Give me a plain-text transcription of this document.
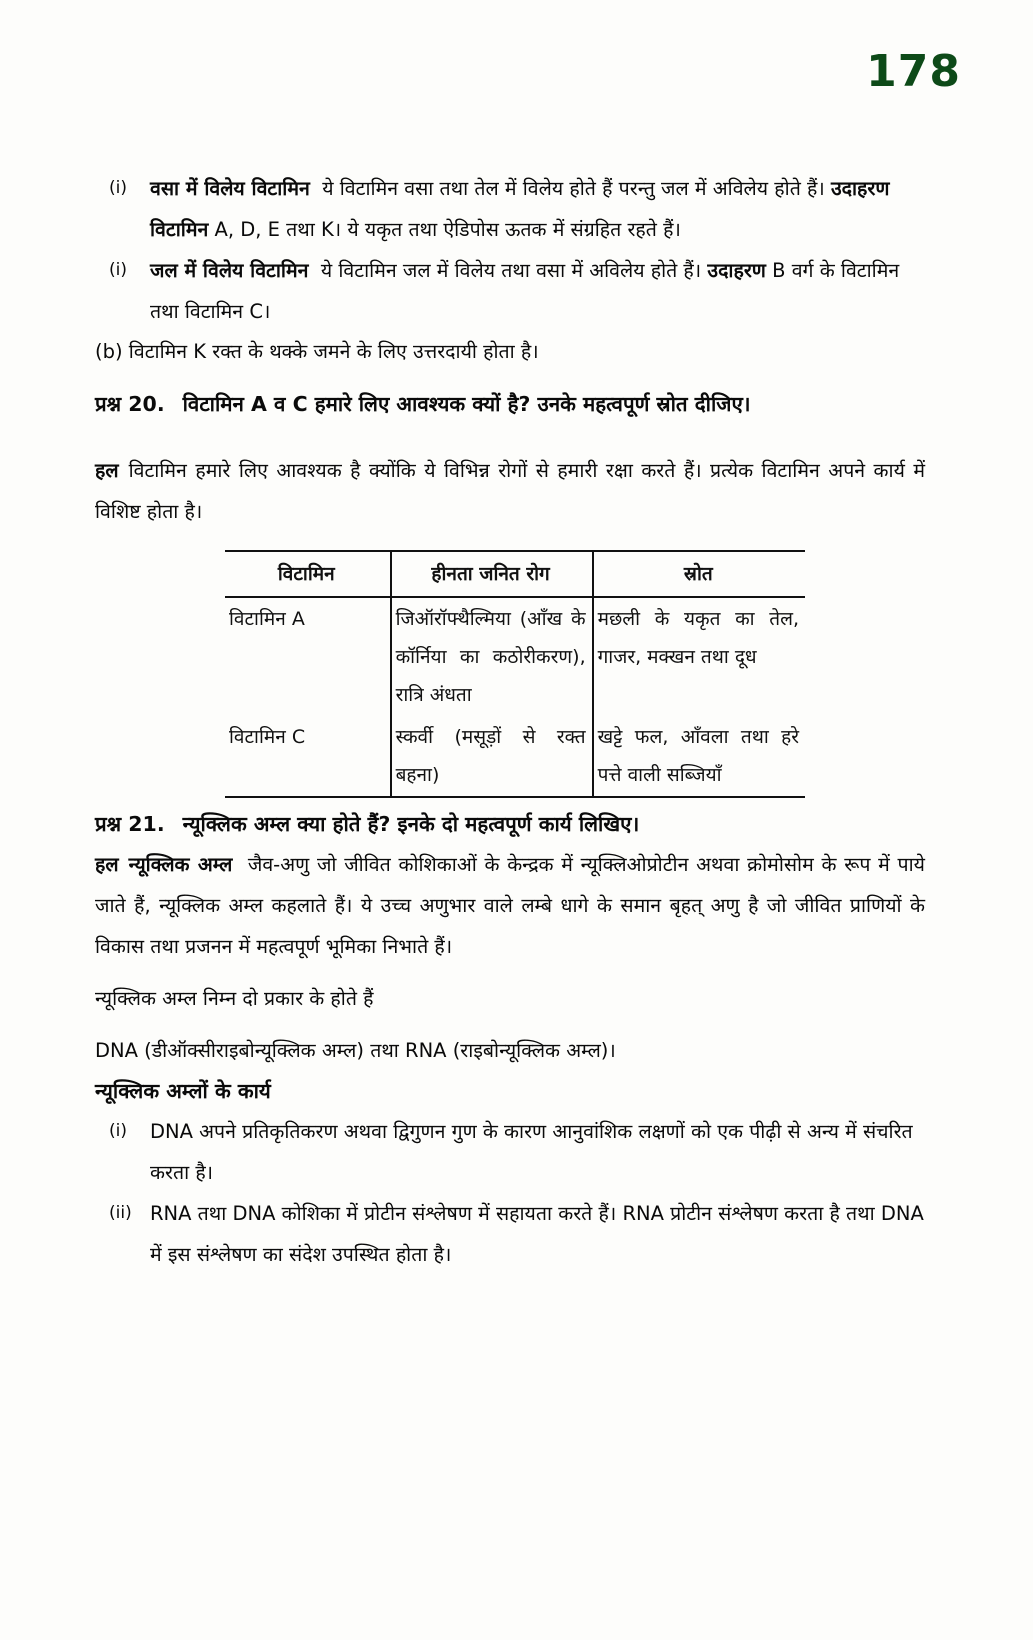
178
(i) वसा में विलेय विटामिन ये विटामिन वसा तथा तेल में विलेय होते हैं परन्तु जल में अविलेय होते हैं। उदाहरण  विटामिन A, D, E तथा K। ये यकृत तथा ऐडिपोस ऊतक में संग्रहित रहते हैं।
(i) जल में विलेय विटामिन ये विटामिन जल में विलेय तथा वसा में अविलेय होते हैं। उदाहरण B वर्ग के विटामिन तथा विटामिन C।
(b) विटामिन K रक्त के थक्के जमने के लिए उत्तरदायी होता है।
प्रश्न 20. विटामिन A व C हमारे लिए आवश्यक क्यों है? उनके महत्वपूर्ण स्रोत दीजिए।
हल विटामिन हमारे लिए आवश्यक है क्योंकि ये विभिन्न रोगों से हमारी रक्षा करते हैं। प्रत्येक विटामिन अपने कार्य में विशिष्ट होता है।
विटामिन	हीनता जनित रोग	स्रोत
विटामिन A	जिऑरॉफ्थैल्मिया (आँख के कॉर्निया का कठोरीकरण), रात्रि अंधता	मछली के यकृत का तेल, गाजर, मक्खन तथा दूध
विटामिन C	स्कर्वी (मसूड़ों से रक्त बहना)	खट्टे फल, आँवला तथा हरे पत्ते वाली सब्जियाँ
प्रश्न 21. न्यूक्लिक अम्ल क्या होते हैं? इनके दो महत्वपूर्ण कार्य लिखिए।
हल न्यूक्लिक अम्ल जैव-अणु जो जीवित कोशिकाओं के केन्द्रक में न्यूक्लिओप्रोटीन अथवा क्रोमोसोम के रूप में पाये जाते हैं, न्यूक्लिक अम्ल कहलाते हैं। ये उच्च अणुभार वाले लम्बे धागे के समान बृहत् अणु है जो जीवित प्राणियों के विकास तथा प्रजनन में महत्वपूर्ण भूमिका निभाते हैं।
न्यूक्लिक अम्ल निम्न दो प्रकार के होते हैं
DNA (डीऑक्सीराइबोन्यूक्लिक अम्ल) तथा RNA (राइबोन्यूक्लिक अम्ल)।
न्यूक्लिक अम्लों के कार्य
(i) DNA अपने प्रतिकृतिकरण अथवा द्विगुणन गुण के कारण आनुवांशिक लक्षणों को एक पीढ़ी से अन्य में संचरित करता है।
(ii) RNA तथा DNA कोशिका में प्रोटीन संश्लेषण में सहायता करते हैं। RNA प्रोटीन संश्लेषण करता है तथा DNA में इस संश्लेषण का संदेश उपस्थित होता है।
